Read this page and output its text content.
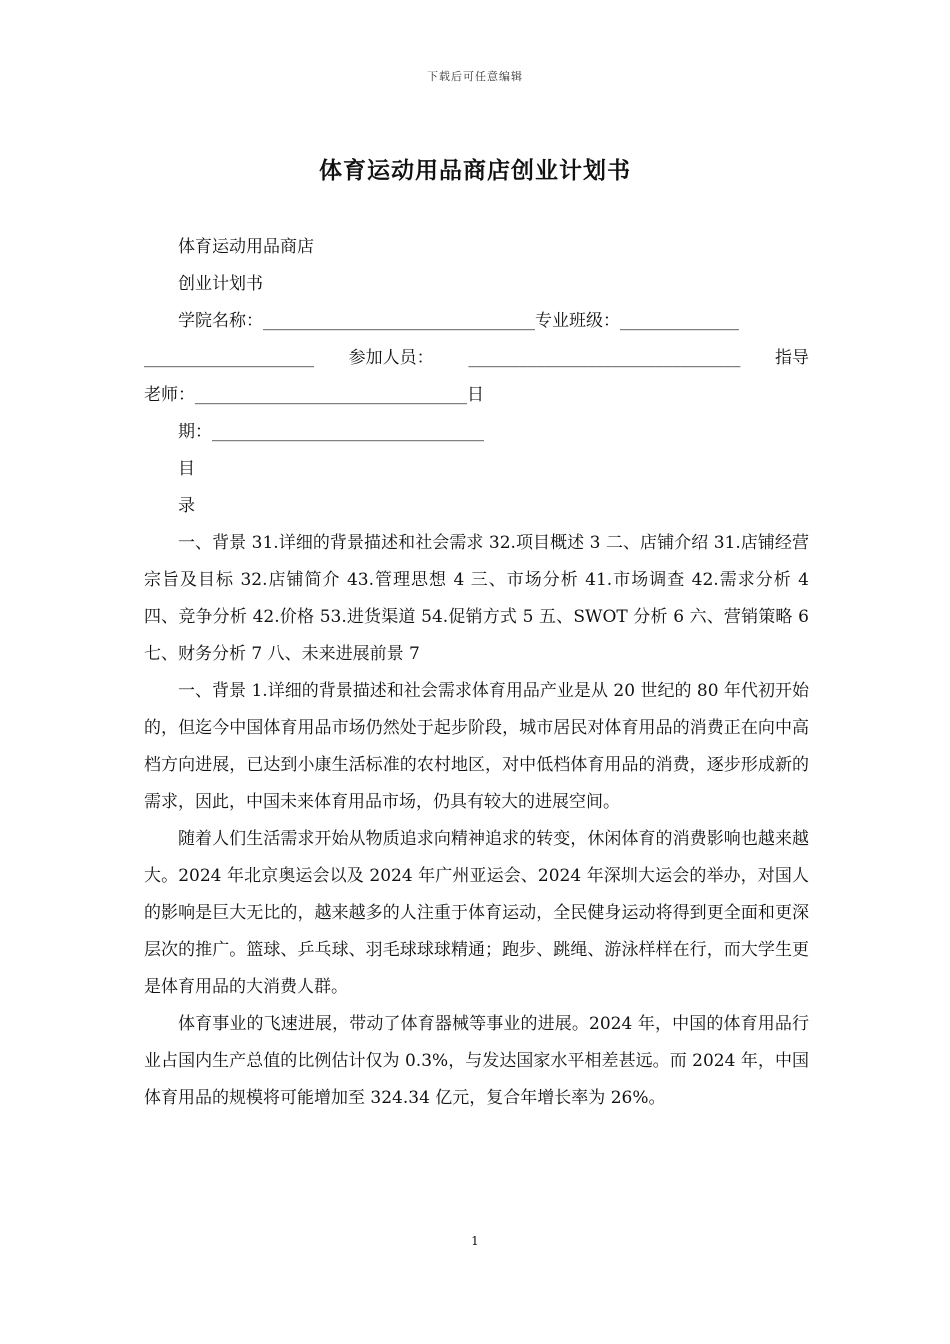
下载后可任意编辑
体育运动用品商店创业计划书

体育运动用品商店

创业计划书

学院名称：________________________________专业班级：______________

____________________ 参加人员： ________________________________ 指导
老师：________________________________日

期：________________________________

目

录

一、背景 31.详细的背景描述和社会需求 32.项目概述 3 二、店铺介绍 31.店铺经营宗旨及目标 32.店铺简介 43.管理思想 4 三、市场分析 41.市场调查 42.需求分析 4 四、竞争分析 42.价格 53.进货渠道 54.促销方式 5 五、SWOT 分析 6 六、营销策略 6 七、财务分析 7 八、未来进展前景 7

一、背景 1.详细的背景描述和社会需求体育用品产业是从 20 世纪的 80 年代初开始的，但迄今中国体育用品市场仍然处于起步阶段，城市居民对体育用品的消费正在向中高档方向进展，已达到小康生活标准的农村地区，对中低档体育用品的消费，逐步形成新的需求，因此，中国未来体育用品市场，仍具有较大的进展空间。

随着人们生活需求开始从物质追求向精神追求的转变，休闲体育的消费影响也越来越大。2024 年北京奥运会以及 2024 年广州亚运会、2024 年深圳大运会的举办，对国人的影响是巨大无比的，越来越多的人注重于体育运动，全民健身运动将得到更全面和更深层次的推广。篮球、乒乓球、羽毛球球球精通；跑步、跳绳、游泳样样在行，而大学生更是体育用品的大消费人群。

体育事业的飞速进展，带动了体育器械等事业的进展。2024 年，中国的体育用品行业占国内生产总值的比例估计仅为 0.3%，与发达国家水平相差甚远。而 2024 年，中国体育用品的规模将可能增加至 324.34 亿元，复合年增长率为 26%。

1
